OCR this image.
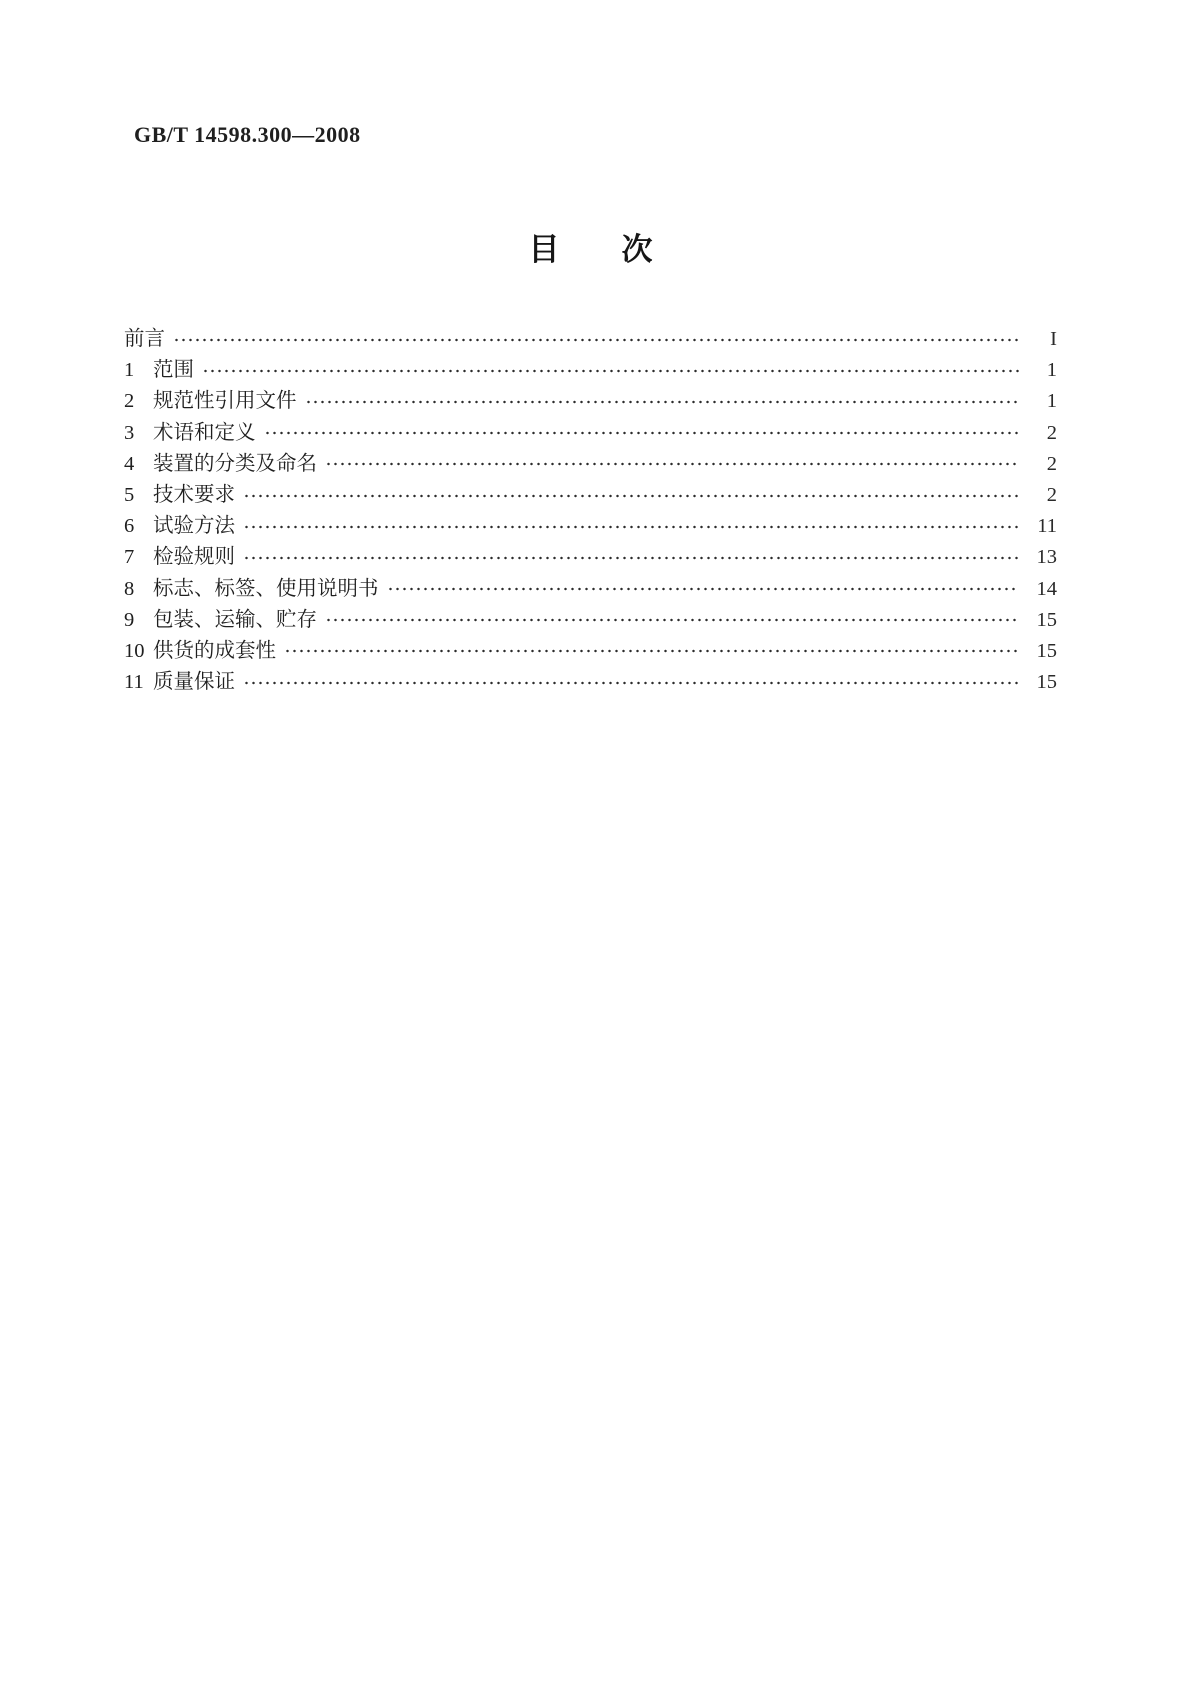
GB/T 14598.300—2008
目　　次
前言	I
1 范围	1
2 规范性引用文件	1
3 术语和定义	2
4 装置的分类及命名	2
5 技术要求	2
6 试验方法	11
7 检验规则	13
8 标志、标签、使用说明书	14
9 包装、运输、贮存	15
10 供货的成套性	15
11 质量保证	15
